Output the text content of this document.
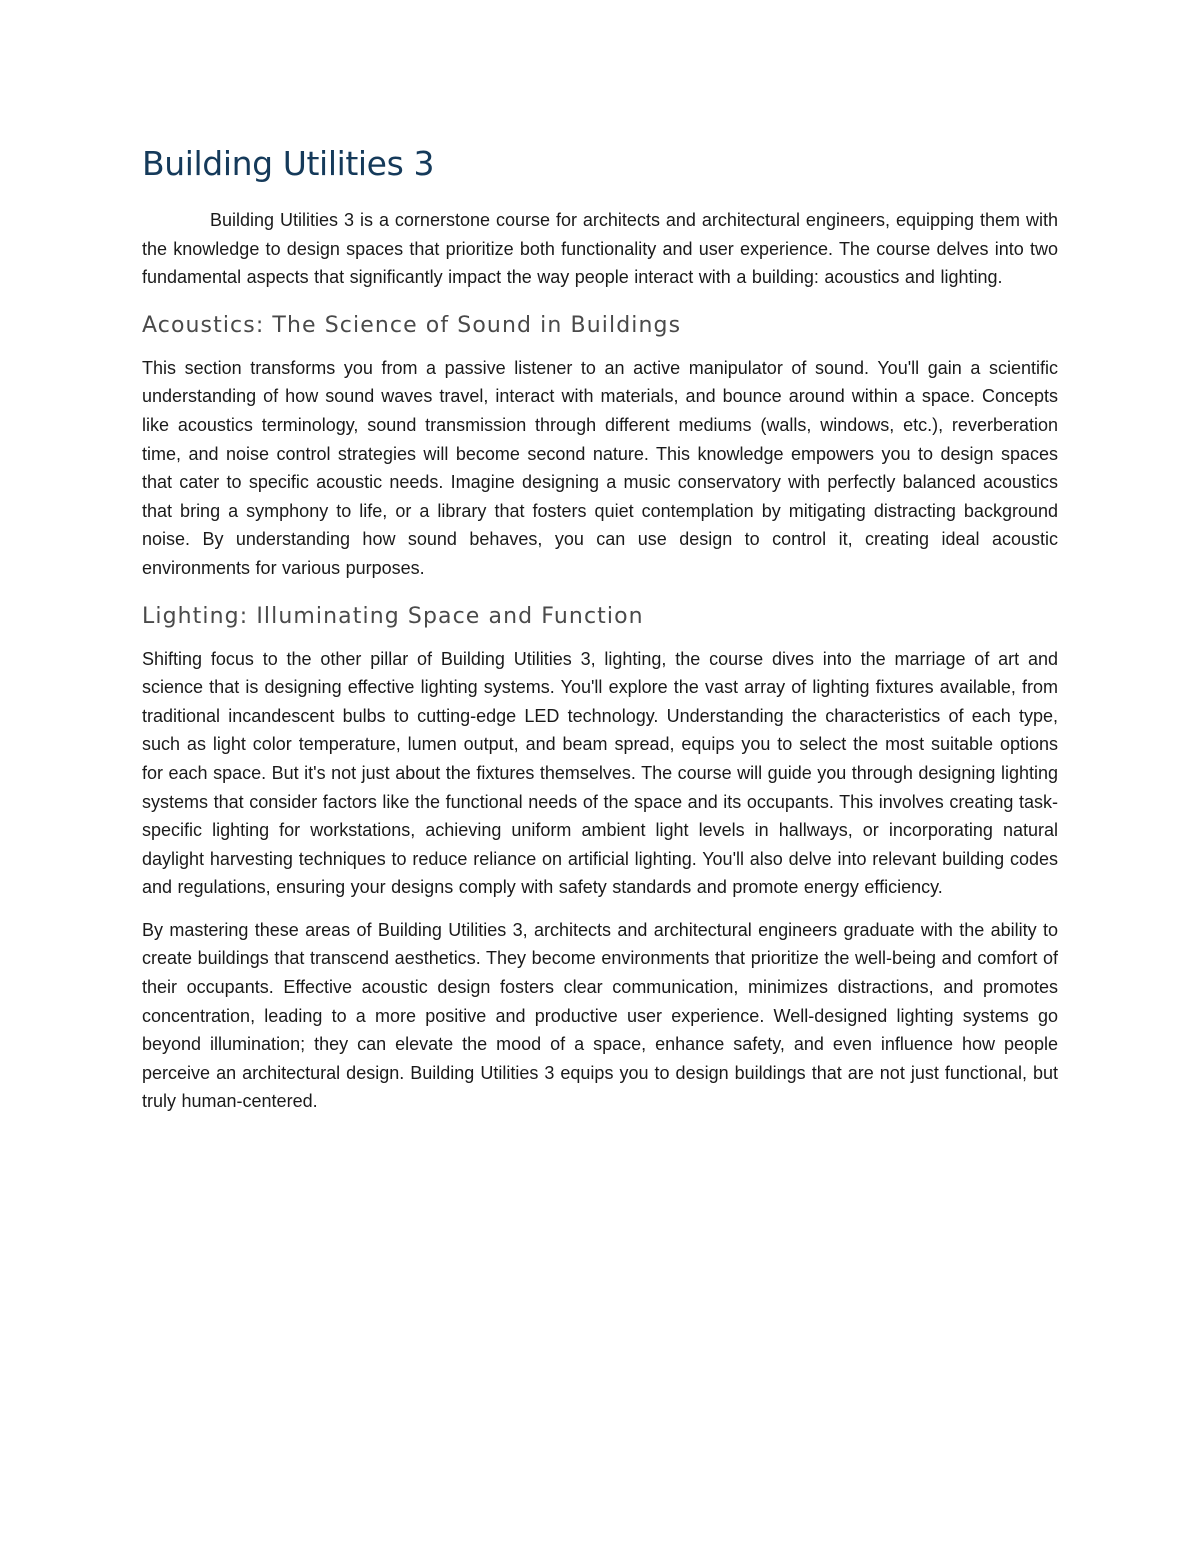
Building Utilities 3

Building Utilities 3 is a cornerstone course for architects and architectural engineers, equipping them with the knowledge to design spaces that prioritize both functionality and user experience. The course delves into two fundamental aspects that significantly impact the way people interact with a building: acoustics and lighting.

Acoustics: The Science of Sound in Buildings

This section transforms you from a passive listener to an active manipulator of sound. You'll gain a scientific understanding of how sound waves travel, interact with materials, and bounce around within a space. Concepts like acoustics terminology, sound transmission through different mediums (walls, windows, etc.), reverberation time, and noise control strategies will become second nature. This knowledge empowers you to design spaces that cater to specific acoustic needs. Imagine designing a music conservatory with perfectly balanced acoustics that bring a symphony to life, or a library that fosters quiet contemplation by mitigating distracting background noise. By understanding how sound behaves, you can use design to control it, creating ideal acoustic environments for various purposes.

Lighting: Illuminating Space and Function

Shifting focus to the other pillar of Building Utilities 3, lighting, the course dives into the marriage of art and science that is designing effective lighting systems. You'll explore the vast array of lighting fixtures available, from traditional incandescent bulbs to cutting-edge LED technology. Understanding the characteristics of each type, such as light color temperature, lumen output, and beam spread, equips you to select the most suitable options for each space. But it's not just about the fixtures themselves. The course will guide you through designing lighting systems that consider factors like the functional needs of the space and its occupants. This involves creating task-specific lighting for workstations, achieving uniform ambient light levels in hallways, or incorporating natural daylight harvesting techniques to reduce reliance on artificial lighting. You'll also delve into relevant building codes and regulations, ensuring your designs comply with safety standards and promote energy efficiency.

By mastering these areas of Building Utilities 3, architects and architectural engineers graduate with the ability to create buildings that transcend aesthetics. They become environments that prioritize the well-being and comfort of their occupants. Effective acoustic design fosters clear communication, minimizes distractions, and promotes concentration, leading to a more positive and productive user experience. Well-designed lighting systems go beyond illumination; they can elevate the mood of a space, enhance safety, and even influence how people perceive an architectural design. Building Utilities 3 equips you to design buildings that are not just functional, but truly human-centered.
